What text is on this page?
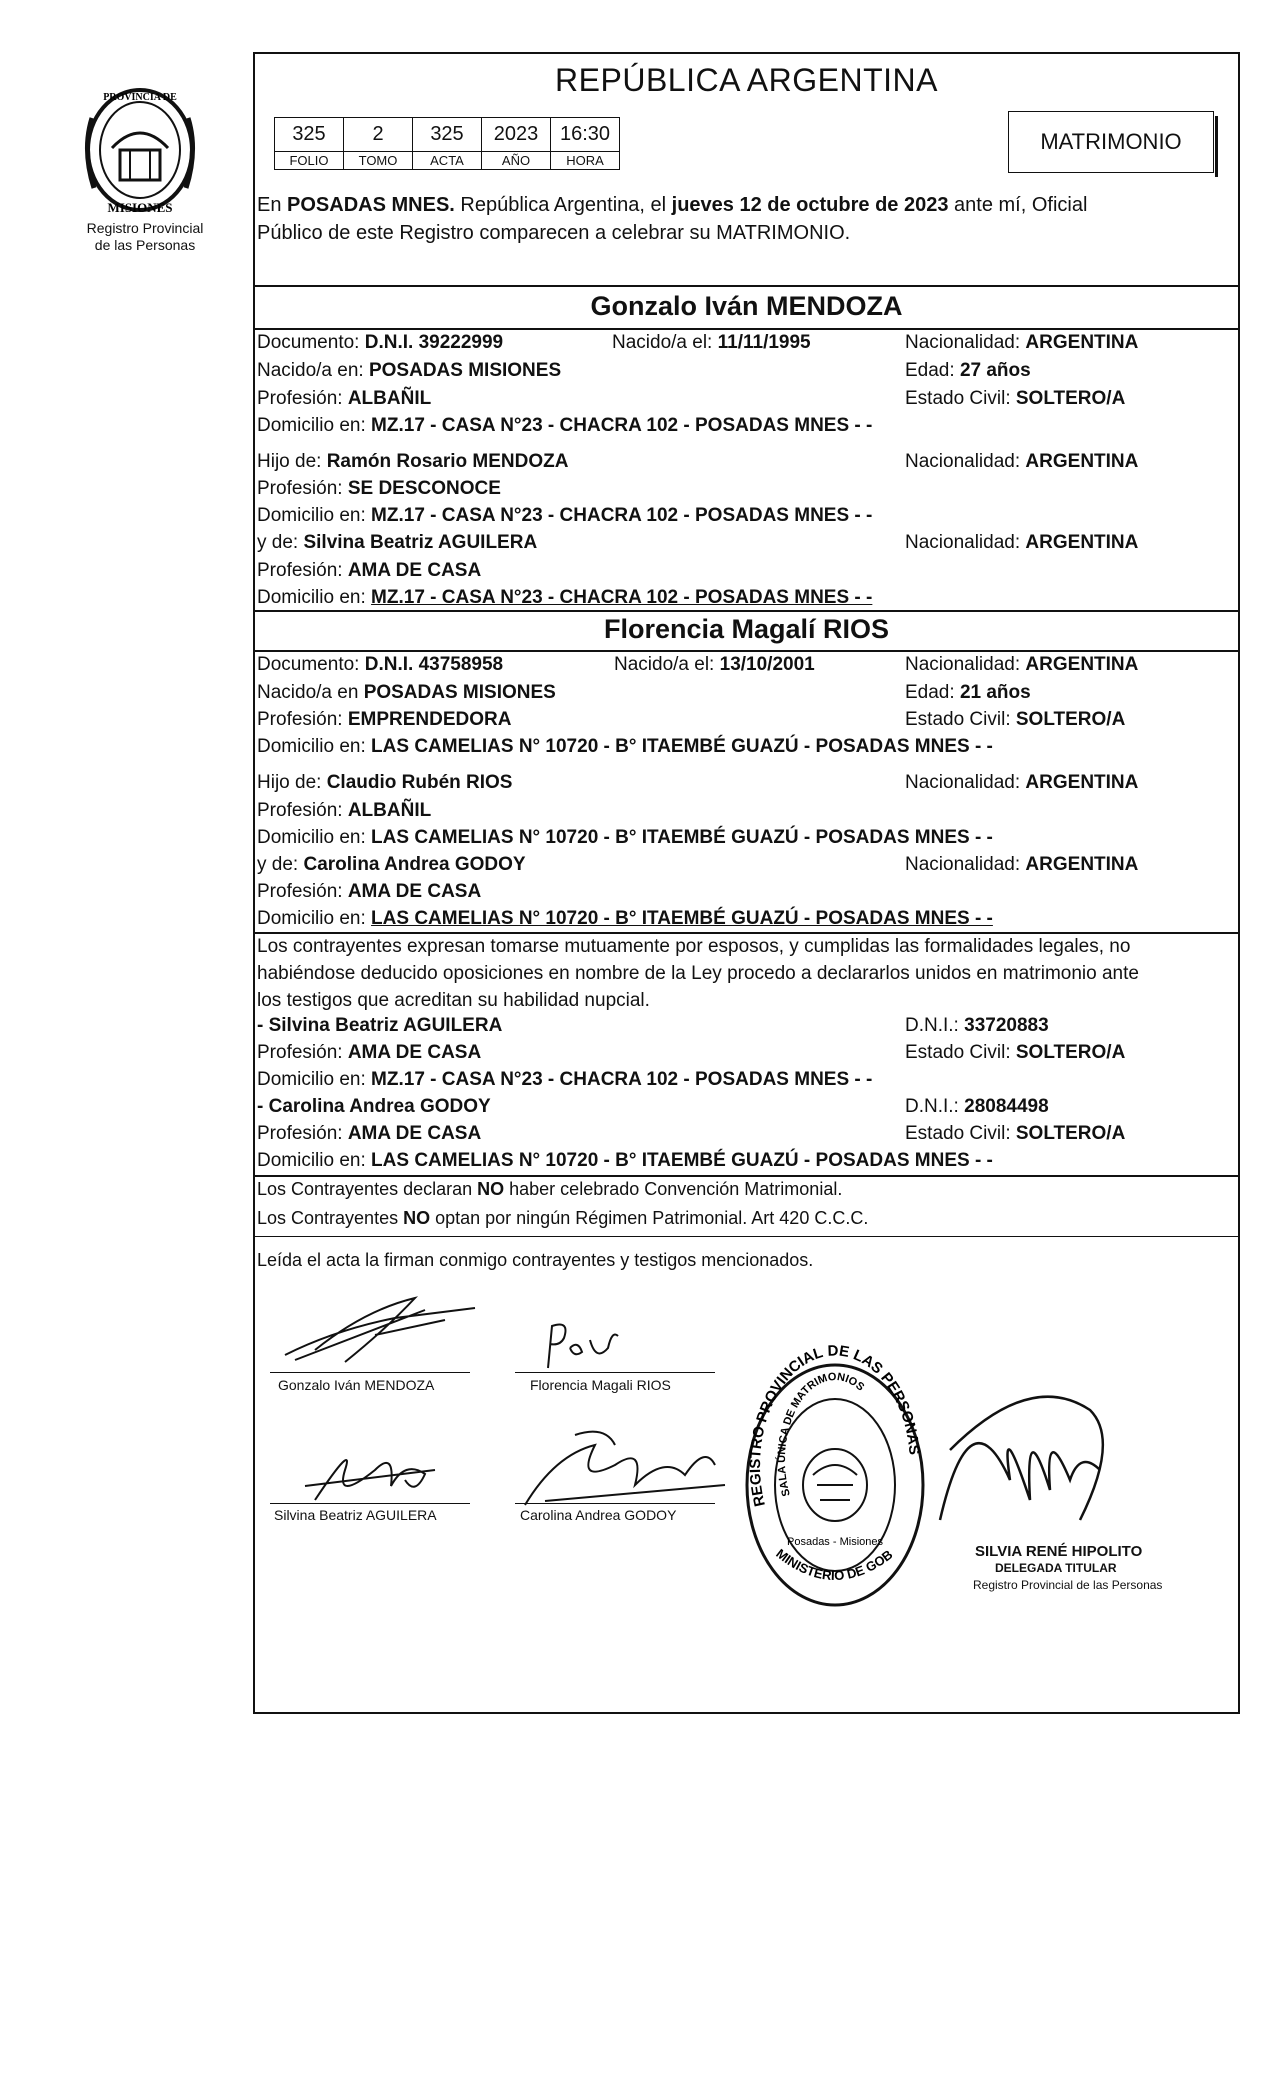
PROVINCIA DE
MISIONES
Registro Provincial
de las Personas
REPÚBLICA ARGENTINA
325	2	325	2023	16:30
FOLIO	TOMO	ACTA	AÑO	HORA
MATRIMONIO
En POSADAS MNES. República Argentina, el jueves 12 de octubre de 2023 ante mí, Oficial
Público de este Registro comparecen a celebrar su MATRIMONIO.
Gonzalo Iván MENDOZA
Documento: D.N.I. 39222999	Nacido/a el: 11/11/1995	Nacionalidad: ARGENTINA
Nacido/a en: POSADAS MISIONES	Edad: 27 años
Profesión: ALBAÑIL	Estado Civil: SOLTERO/A
Domicilio en: MZ.17 - CASA N°23 - CHACRA 102 - POSADAS MNES - -
Hijo de: Ramón Rosario MENDOZA	Nacionalidad: ARGENTINA
Profesión: SE DESCONOCE
Domicilio en: MZ.17 - CASA N°23 - CHACRA 102 - POSADAS MNES - -
y de: Silvina Beatriz AGUILERA	Nacionalidad: ARGENTINA
Profesión: AMA DE CASA
Domicilio en: MZ.17 - CASA N°23 - CHACRA 102 - POSADAS MNES - -
Florencia Magalí RIOS
Documento: D.N.I. 43758958	Nacido/a el: 13/10/2001	Nacionalidad: ARGENTINA
Nacido/a en POSADAS MISIONES	Edad: 21 años
Profesión: EMPRENDEDORA	Estado Civil: SOLTERO/A
Domicilio en: LAS CAMELIAS N° 10720 - B° ITAEMBÉ GUAZÚ - POSADAS MNES - -
Hijo de: Claudio Rubén RIOS	Nacionalidad: ARGENTINA
Profesión: ALBAÑIL
Domicilio en: LAS CAMELIAS N° 10720 - B° ITAEMBÉ GUAZÚ - POSADAS MNES - -
y de: Carolina Andrea GODOY	Nacionalidad: ARGENTINA
Profesión: AMA DE CASA
Domicilio en: LAS CAMELIAS N° 10720 - B° ITAEMBÉ GUAZÚ - POSADAS MNES - -
Los contrayentes expresan tomarse mutuamente por esposos, y cumplidas las formalidades legales, no
habiéndose deducido oposiciones en nombre de la Ley procedo a declararlos unidos en matrimonio ante
los testigos que acreditan su habilidad nupcial.
- Silvina Beatriz AGUILERA	D.N.I.: 33720883
Profesión: AMA DE CASA	Estado Civil: SOLTERO/A
Domicilio en: MZ.17 - CASA N°23 - CHACRA 102 - POSADAS MNES - -
- Carolina Andrea GODOY	D.N.I.: 28084498
Profesión: AMA DE CASA	Estado Civil: SOLTERO/A
Domicilio en: LAS CAMELIAS N° 10720 - B° ITAEMBÉ GUAZÚ - POSADAS MNES - -
Los Contrayentes declaran NO haber celebrado Convención Matrimonial.
Los Contrayentes NO optan por ningún Régimen Patrimonial. Art 420 C.C.C.
Leída el acta la firman conmigo contrayentes y testigos mencionados.
Gonzalo Iván MENDOZA	Florencia Magali RIOS
Silvina Beatriz AGUILERA	Carolina Andrea GODOY
REGISTRO PROVINCIAL DE LAS PERSONAS
SALA ÚNICA DE MATRIMONIOS
MINISTERIO DE GOBIERNO
Posadas - Misiones
SILVIA RENÉ HIPOLITO
DELEGADA TITULAR
Registro Provincial de las Personas
